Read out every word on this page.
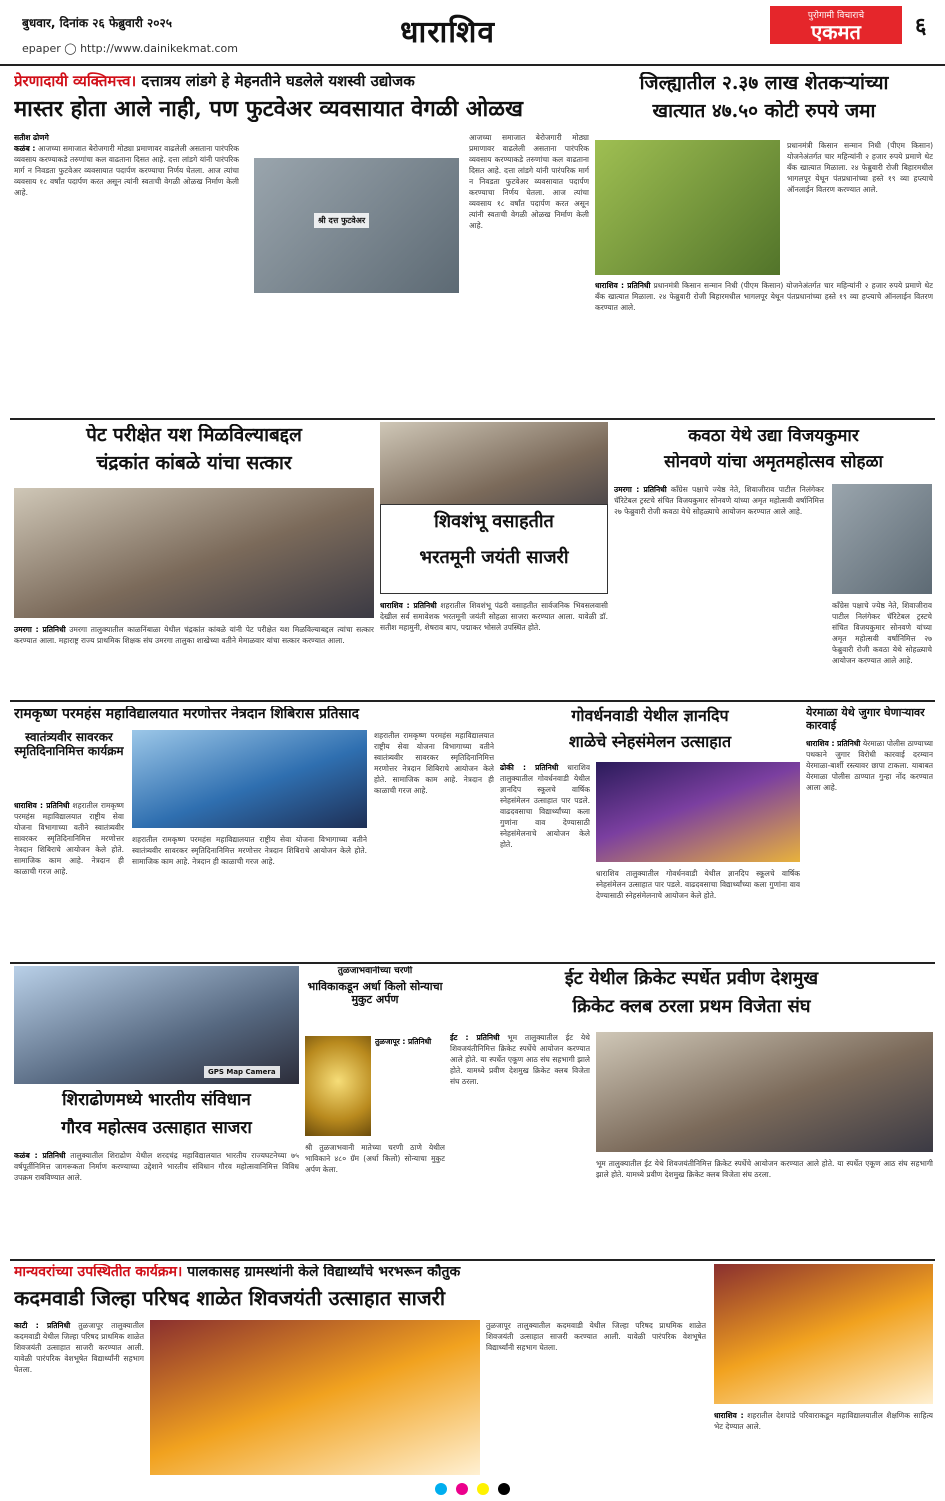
बुधवार, दिनांक २६ फेब्रुवारी २०२५
epaper ◯ http://www.dainikekmat.com	धाराशिव	पुरोगामी विचाराचे
एकमत	६
प्रेरणादायी व्यक्तिमत्त्व। दत्तात्रय लांडगे हे मेहनतीने घडलेले यशस्वी उद्योजक
मास्तर होता आले नाही, पण फुटवेअर व्यवसायात वेगळी ओळख
सतीश ढोणगे
कळंब : आजच्या समाजात बेरोजगारी मोठ्या प्रमाणावर वाढलेली असताना पारंपरिक व्यवसाय करण्याकडे तरुणांचा कल वाढताना दिसत आहे. दत्ता लांडगे यांनी पारंपरिक मार्ग न निवडता फुटवेअर व्यवसायात पदार्पण करण्याचा निर्णय घेतला. आज त्यांचा व्यवसाय १८ वर्षांत पदार्पण करत असून त्यांनी स्वतःची वेगळी ओळख निर्माण केली आहे.
श्री दत्त फुटवेअर
आजच्या समाजात बेरोजगारी मोठ्या प्रमाणावर वाढलेली असताना पारंपरिक व्यवसाय करण्याकडे तरुणांचा कल वाढताना दिसत आहे. दत्ता लांडगे यांनी पारंपरिक मार्ग न निवडता फुटवेअर व्यवसायात पदार्पण करण्याचा निर्णय घेतला. आज त्यांचा व्यवसाय १८ वर्षांत पदार्पण करत असून त्यांनी स्वतःची वेगळी ओळख निर्माण केली आहे.
जिल्ह्यातील २.३७ लाख शेतकऱ्यांच्या
खात्यात ४७.५० कोटी रुपये जमा
धाराशिव : प्रतिनिधी प्रधानमंत्री किसान सन्मान निधी (पीएम किसान) योजनेअंतर्गत चार महिन्यांनी २ हजार रुपये प्रमाणे थेट बँक खात्यात मिळाला. २४ फेब्रुवारी रोजी बिहारमधील भागलपूर येथून पंतप्रधानांच्या हस्ते १९ व्या हप्त्याचे ऑनलाईन वितरण करण्यात आले.
प्रधानमंत्री किसान सन्मान निधी (पीएम किसान) योजनेअंतर्गत चार महिन्यांनी २ हजार रुपये प्रमाणे थेट बँक खात्यात मिळाला. २४ फेब्रुवारी रोजी बिहारमधील भागलपूर येथून पंतप्रधानांच्या हस्ते १९ व्या हप्त्याचे ऑनलाईन वितरण करण्यात आले.
पेट परीक्षेत यश मिळविल्याबद्दल
चंद्रकांत कांबळे यांचा सत्कार
उमरगा : प्रतिनिधी उमरगा तालुक्यातील काळनिंबाळा येथील चंद्रकांत कांबळे यांनी पेट परीक्षेत यश मिळविल्याबद्दल त्यांचा सत्कार करण्यात आला. महाराष्ट्र राज्य प्राथमिक शिक्षक संघ उमरगा तालुका शाखेच्या वतीने मेमाळवार यांचा सत्कार करण्यात आला.
शिवशंभू वसाहतीत
भरतमूनी जयंती साजरी
धाराशिव : प्रतिनिधी शहरातील शिवशंभू पंढरी वसाहतीत सार्वजनिक भिवसलवासी देखील सर्व समावेशक भरतमूनी जयंती सोहळा साजरा करण्यात आला. यावेळी डॉ. सतीश महामुनी, शेषराव बाप, पद्माकर भोसले उपस्थित होते.
कवठा येथे उद्या विजयकुमार
सोनवणे यांचा अमृतमहोत्सव सोहळा
उमरगा : प्रतिनिधी काँग्रेस पक्षाचे ज्येष्ठ नेते, शिवाजीराव पाटील निलंगेकर चॅरिटेबल ट्रस्टचे संचित विजयकुमार सोनवणे यांच्या अमृत महोत्सवी वर्षानिमित्त २७ फेब्रुवारी रोजी कवठा येथे सोहळ्याचे आयोजन करण्यात आले आहे.
काँग्रेस पक्षाचे ज्येष्ठ नेते, शिवाजीराव पाटील निलंगेकर चॅरिटेबल ट्रस्टचे संचित विजयकुमार सोनवणे यांच्या अमृत महोत्सवी वर्षानिमित्त २७ फेब्रुवारी रोजी कवठा येथे सोहळ्याचे आयोजन करण्यात आले आहे.
रामकृष्ण परमहंस महाविद्यालयात मरणोत्तर नेत्रदान शिबिरास प्रतिसाद
स्वातंत्र्यवीर सावरकर स्मृतिदिनानिमित्त कार्यक्रम
धाराशिव : प्रतिनिधी शहरातील रामकृष्ण परमहंस महाविद्यालयात राष्ट्रीय सेवा योजना विभागाच्या वतीने स्वातंत्र्यवीर सावरकर स्मृतिदिनानिमित्त मरणोत्तर नेत्रदान शिबिराचे आयोजन केले होते. सामाजिक काम आहे. नेत्रदान ही काळाची गरज आहे.
शहरातील रामकृष्ण परमहंस महाविद्यालयात राष्ट्रीय सेवा योजना विभागाच्या वतीने स्वातंत्र्यवीर सावरकर स्मृतिदिनानिमित्त मरणोत्तर नेत्रदान शिबिराचे आयोजन केले होते. सामाजिक काम आहे. नेत्रदान ही काळाची गरज आहे.
शहरातील रामकृष्ण परमहंस महाविद्यालयात राष्ट्रीय सेवा योजना विभागाच्या वतीने स्वातंत्र्यवीर सावरकर स्मृतिदिनानिमित्त मरणोत्तर नेत्रदान शिबिराचे आयोजन केले होते. सामाजिक काम आहे. नेत्रदान ही काळाची गरज आहे.
गोवर्धनवाडी येथील ज्ञानदिप
शाळेचे स्नेहसंमेलन उत्साहात
ढोकी : प्रतिनिधी धाराशिव तालुक्यातील गोवर्धनवाडी येथील ज्ञानदिप स्कूलचे वार्षिक स्नेहसंमेलन उत्साहात पार पडले. वाढदवसाचा विद्यार्थ्यांच्या कला गुणांना वाव देण्यासाठी स्नेहसंमेलनाचे आयोजन केले होते.
धाराशिव तालुक्यातील गोवर्धनवाडी येथील ज्ञानदिप स्कूलचे वार्षिक स्नेहसंमेलन उत्साहात पार पडले. वाढदवसाचा विद्यार्थ्यांच्या कला गुणांना वाव देण्यासाठी स्नेहसंमेलनाचे आयोजन केले होते.
येरमाळा येथे जुगार घेणाऱ्यावर कारवाई
धाराशिव : प्रतिनिधी येरमाळा पोलीस ठाण्याच्या पथकाने जुगार विरोधी कारवाई दरम्यान येरमाळा-बार्शी रस्त्यावर छापा टाकला. याबाबत येरमाळा पोलीस ठाण्यात गुन्हा नोंद करण्यात आला आहे.
GPS Map Camera
शिराढोणमध्ये भारतीय संविधान
गौरव महोत्सव उत्साहात साजरा
कळंब : प्रतिनिधी तालुक्यातील शिराढोण येथील शरदचंद्र महाविद्यालयात भारतीय राज्यघटनेच्या ७५ वर्षपूर्तीनिमित्त जागरूकता निर्माण करण्याच्या उद्देशाने भारतीय संविधान गौरव महोत्सवानिमित्त विविध उपक्रम राबविण्यात आले.
तुळजाभवानीच्या चरणी
भाविकाकडून अर्धा किलो सोन्याचा मुकुट अर्पण
तुळजापूर : प्रतिनिधी
श्री तुळजाभवानी मातेच्या चरणी ठाणे येथील भाविकाने ४८० ग्रॅम (अर्धा किलो) सोन्याचा मुकुट अर्पण केला.
ईट येथील क्रिकेट स्पर्धेत प्रवीण देशमुख
क्रिकेट क्लब ठरला प्रथम विजेता संघ
ईट : प्रतिनिधी भूम तालुक्यातील ईट येथे शिवजयंतीनिमित्त क्रिकेट स्पर्धेचे आयोजन करण्यात आले होते. या स्पर्धेत एकूण आठ संघ सहभागी झाले होते. यामध्ये प्रवीण देशमुख क्रिकेट क्लब विजेता संघ ठरला.
भूम तालुक्यातील ईट येथे शिवजयंतीनिमित्त क्रिकेट स्पर्धेचे आयोजन करण्यात आले होते. या स्पर्धेत एकूण आठ संघ सहभागी झाले होते. यामध्ये प्रवीण देशमुख क्रिकेट क्लब विजेता संघ ठरला.
मान्यवरांच्या उपस्थितीत कार्यक्रम। पालकासह ग्रामस्थांनी केले विद्यार्थ्यांचे भरभरून कौतुक
कदमवाडी जिल्हा परिषद शाळेत शिवजयंती उत्साहात साजरी
काटी : प्रतिनिधी तुळजापूर तालुक्यातील कदमवाडी येथील जिल्हा परिषद प्राथमिक शाळेत शिवजयंती उत्साहात साजरी करण्यात आली. यावेळी पारंपरिक वेशभूषेत विद्यार्थ्यांनी सहभाग घेतला.
तुळजापूर तालुक्यातील कदमवाडी येथील जिल्हा परिषद प्राथमिक शाळेत शिवजयंती उत्साहात साजरी करण्यात आली. यावेळी पारंपरिक वेशभूषेत विद्यार्थ्यांनी सहभाग घेतला.
धाराशिव : शहरातील देशपांडे परिवाराकडून महाविद्यालयातील शैक्षणिक साहित्य भेट देण्यात आले.
